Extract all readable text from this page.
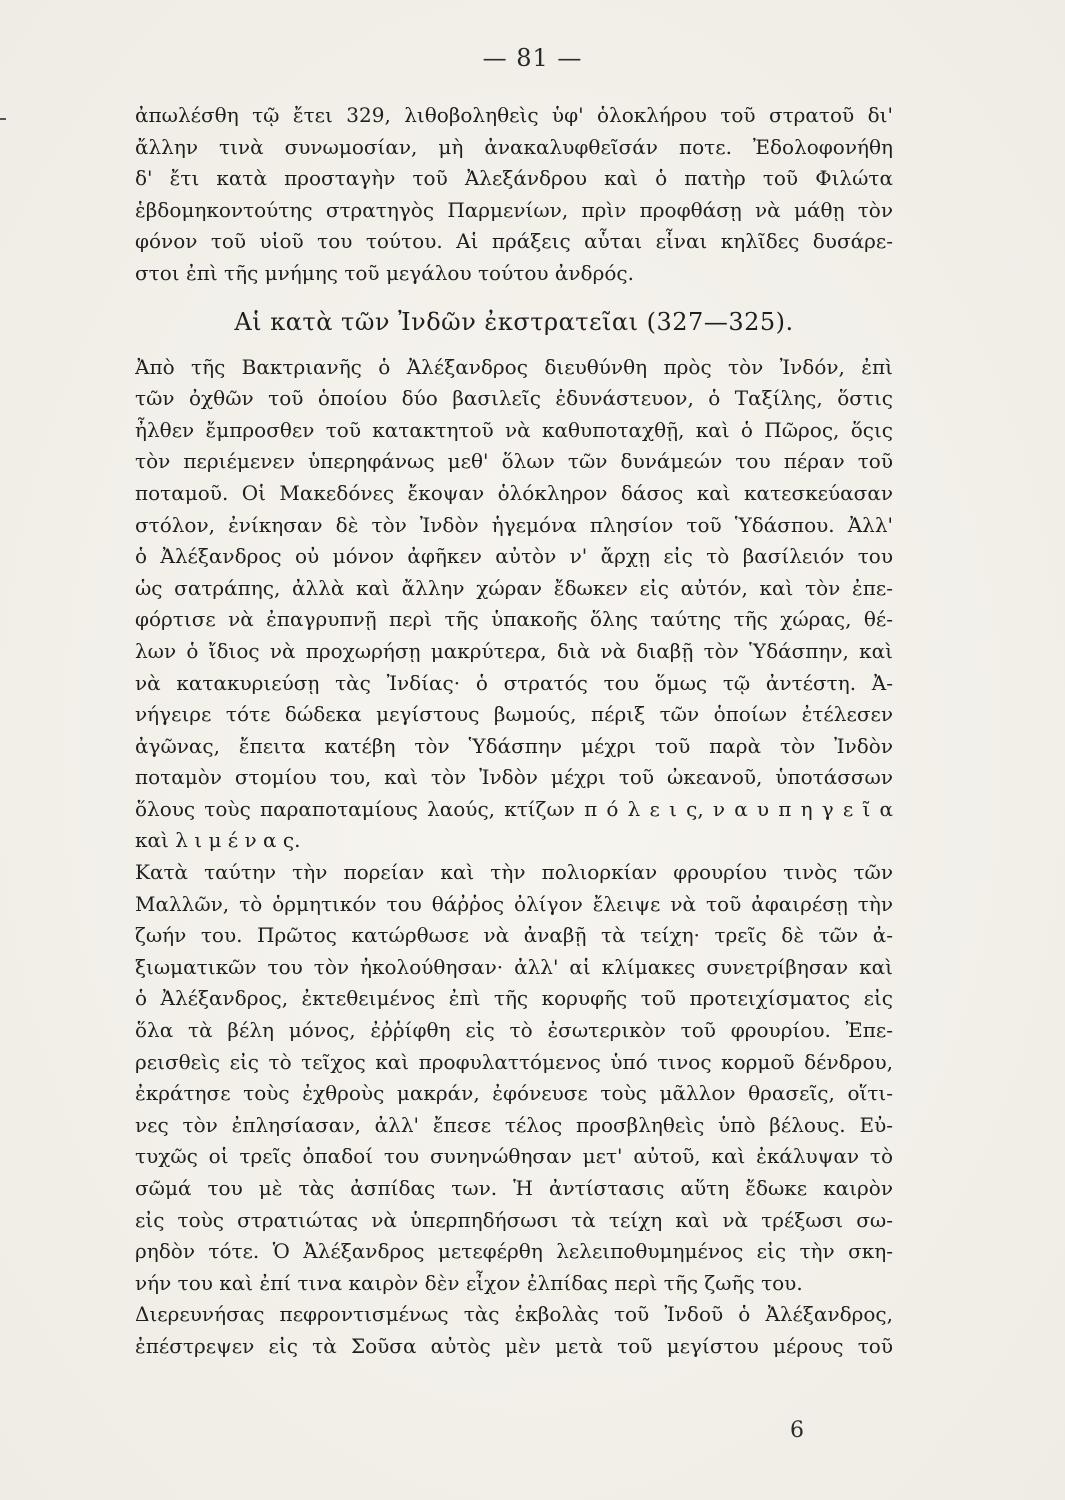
— 81 —
ἀπωλέσθη τῷ ἔτει 329, λιθοβοληθεὶς ὑφ' ὁλοκλήρου τοῦ στρατοῦ δι'
ἄλλην τινὰ συνωμοσίαν, μὴ ἀνακαλυφθεῖσάν ποτε. Ἐδολοφονήθη
δ' ἔτι κατὰ προσταγὴν τοῦ Ἀλεξάνδρου καὶ ὁ πατὴρ τοῦ Φιλώτα
ἑβδομηκοντούτης στρατηγὸς Παρμενίων, πρὶν προφθάσῃ νὰ μάθῃ τὸν
φόνον τοῦ υἱοῦ του τούτου. Αἱ πράξεις αὗται εἶναι κηλῖδες δυσάρε-
στοι ἐπὶ τῆς μνήμης τοῦ μεγάλου τούτου ἀνδρός.
Αἱ κατὰ τῶν Ἰνδῶν ἐκστρατεῖαι (327—325).
Ἀπὸ τῆς Βακτριανῆς ὁ Ἀλέξανδρος διευθύνθη πρὸς τὸν Ἰνδόν, ἐπὶ
τῶν ὀχθῶν τοῦ ὁποίου δύο βασιλεῖς ἐδυνάστευον, ὁ Ταξίλης, ὅστις
ἦλθεν ἔμπροσθεν τοῦ κατακτητοῦ νὰ καθυποταχθῇ, καὶ ὁ Πῶρος, ὅςις
τὸν περιέμενεν ὑπερηφάνως μεθ' ὅλων τῶν δυνάμεών του πέραν τοῦ
ποταμοῦ. Οἱ Μακεδόνες ἔκοψαν ὁλόκληρον δάσος καὶ κατεσκεύασαν
στόλον, ἐνίκησαν δὲ τὸν Ἰνδὸν ἡγεμόνα πλησίον τοῦ Ὑδάσπου. Ἀλλ'
ὁ Ἀλέξανδρος οὐ μόνον ἀφῆκεν αὐτὸν ν' ἄρχῃ εἰς τὸ βασίλειόν του
ὡς σατράπης, ἀλλὰ καὶ ἄλλην χώραν ἔδωκεν εἰς αὐτόν, καὶ τὸν ἐπε-
φόρτισε νὰ ἐπαγρυπνῇ περὶ τῆς ὑπακοῆς ὅλης ταύτης τῆς χώρας, θέ-
λων ὁ ἴδιος νὰ προχωρήσῃ μακρύτερα, διὰ νὰ διαβῇ τὸν Ὑδάσπην, καὶ
νὰ κατακυριεύσῃ τὰς Ἰνδίας· ὁ στρατός του ὅμως τῷ ἀντέστη. Ἀ-
νήγειρε τότε δώδεκα μεγίστους βωμούς, πέριξ τῶν ὁποίων ἐτέλεσεν
ἀγῶνας, ἔπειτα κατέβη τὸν Ὑδάσπην μέχρι τοῦ παρὰ τὸν Ἰνδὸν
ποταμὸν στομίου του, καὶ τὸν Ἰνδὸν μέχρι τοῦ ὠκεανοῦ, ὑποτάσσων
ὅλους τοὺς παραποταμίους λαούς, κτίζων π ό λ ε ι ς, ν α υ π η γ ε ῖ α
καὶ λ ι μ έ ν α ς.
Κατὰ ταύτην τὴν πορείαν καὶ τὴν πολιορκίαν φρουρίου τινὸς τῶν
Μαλλῶν, τὸ ὁρμητικόν του θάῤῥος ὀλίγον ἔλειψε νὰ τοῦ ἀφαιρέσῃ τὴν
ζωήν του. Πρῶτος κατώρθωσε νὰ ἀναβῇ τὰ τείχη· τρεῖς δὲ τῶν ἀ-
ξιωματικῶν του τὸν ἠκολούθησαν· ἀλλ' αἱ κλίμακες συνετρίβησαν καὶ
ὁ Ἀλέξανδρος, ἐκτεθειμένος ἐπὶ τῆς κορυφῆς τοῦ προτειχίσματος εἰς
ὅλα τὰ βέλη μόνος, ἐῤῥίφθη εἰς τὸ ἐσωτερικὸν τοῦ φρουρίου. Ἐπε-
ρεισθεὶς εἰς τὸ τεῖχος καὶ προφυλαττόμενος ὑπό τινος κορμοῦ δένδρου,
ἐκράτησε τοὺς ἐχθροὺς μακράν, ἐφόνευσε τοὺς μᾶλλον θρασεῖς, οἵτι-
νες τὸν ἐπλησίασαν, ἀλλ' ἔπεσε τέλος προσβληθεὶς ὑπὸ βέλους. Εὐ-
τυχῶς οἱ τρεῖς ὀπαδοί του συνηνώθησαν μετ' αὐτοῦ, καὶ ἐκάλυψαν τὸ
σῶμά του μὲ τὰς ἀσπίδας των. Ἡ ἀντίστασις αὕτη ἔδωκε καιρὸν
εἰς τοὺς στρατιώτας νὰ ὑπερπηδήσωσι τὰ τείχη καὶ νὰ τρέξωσι σω-
ρηδὸν τότε. Ὁ Ἀλέξανδρος μετεφέρθη λελειποθυμημένος εἰς τὴν σκη-
νήν του καὶ ἐπί τινα καιρὸν δὲν εἶχον ἐλπίδας περὶ τῆς ζωῆς του.
Διερευνήσας πεφροντισμένως τὰς ἐκβολὰς τοῦ Ἰνδοῦ ὁ Ἀλέξανδρος,
ἐπέστρεψεν εἰς τὰ Σοῦσα αὐτὸς μὲν μετὰ τοῦ μεγίστου μέρους τοῦ
6
